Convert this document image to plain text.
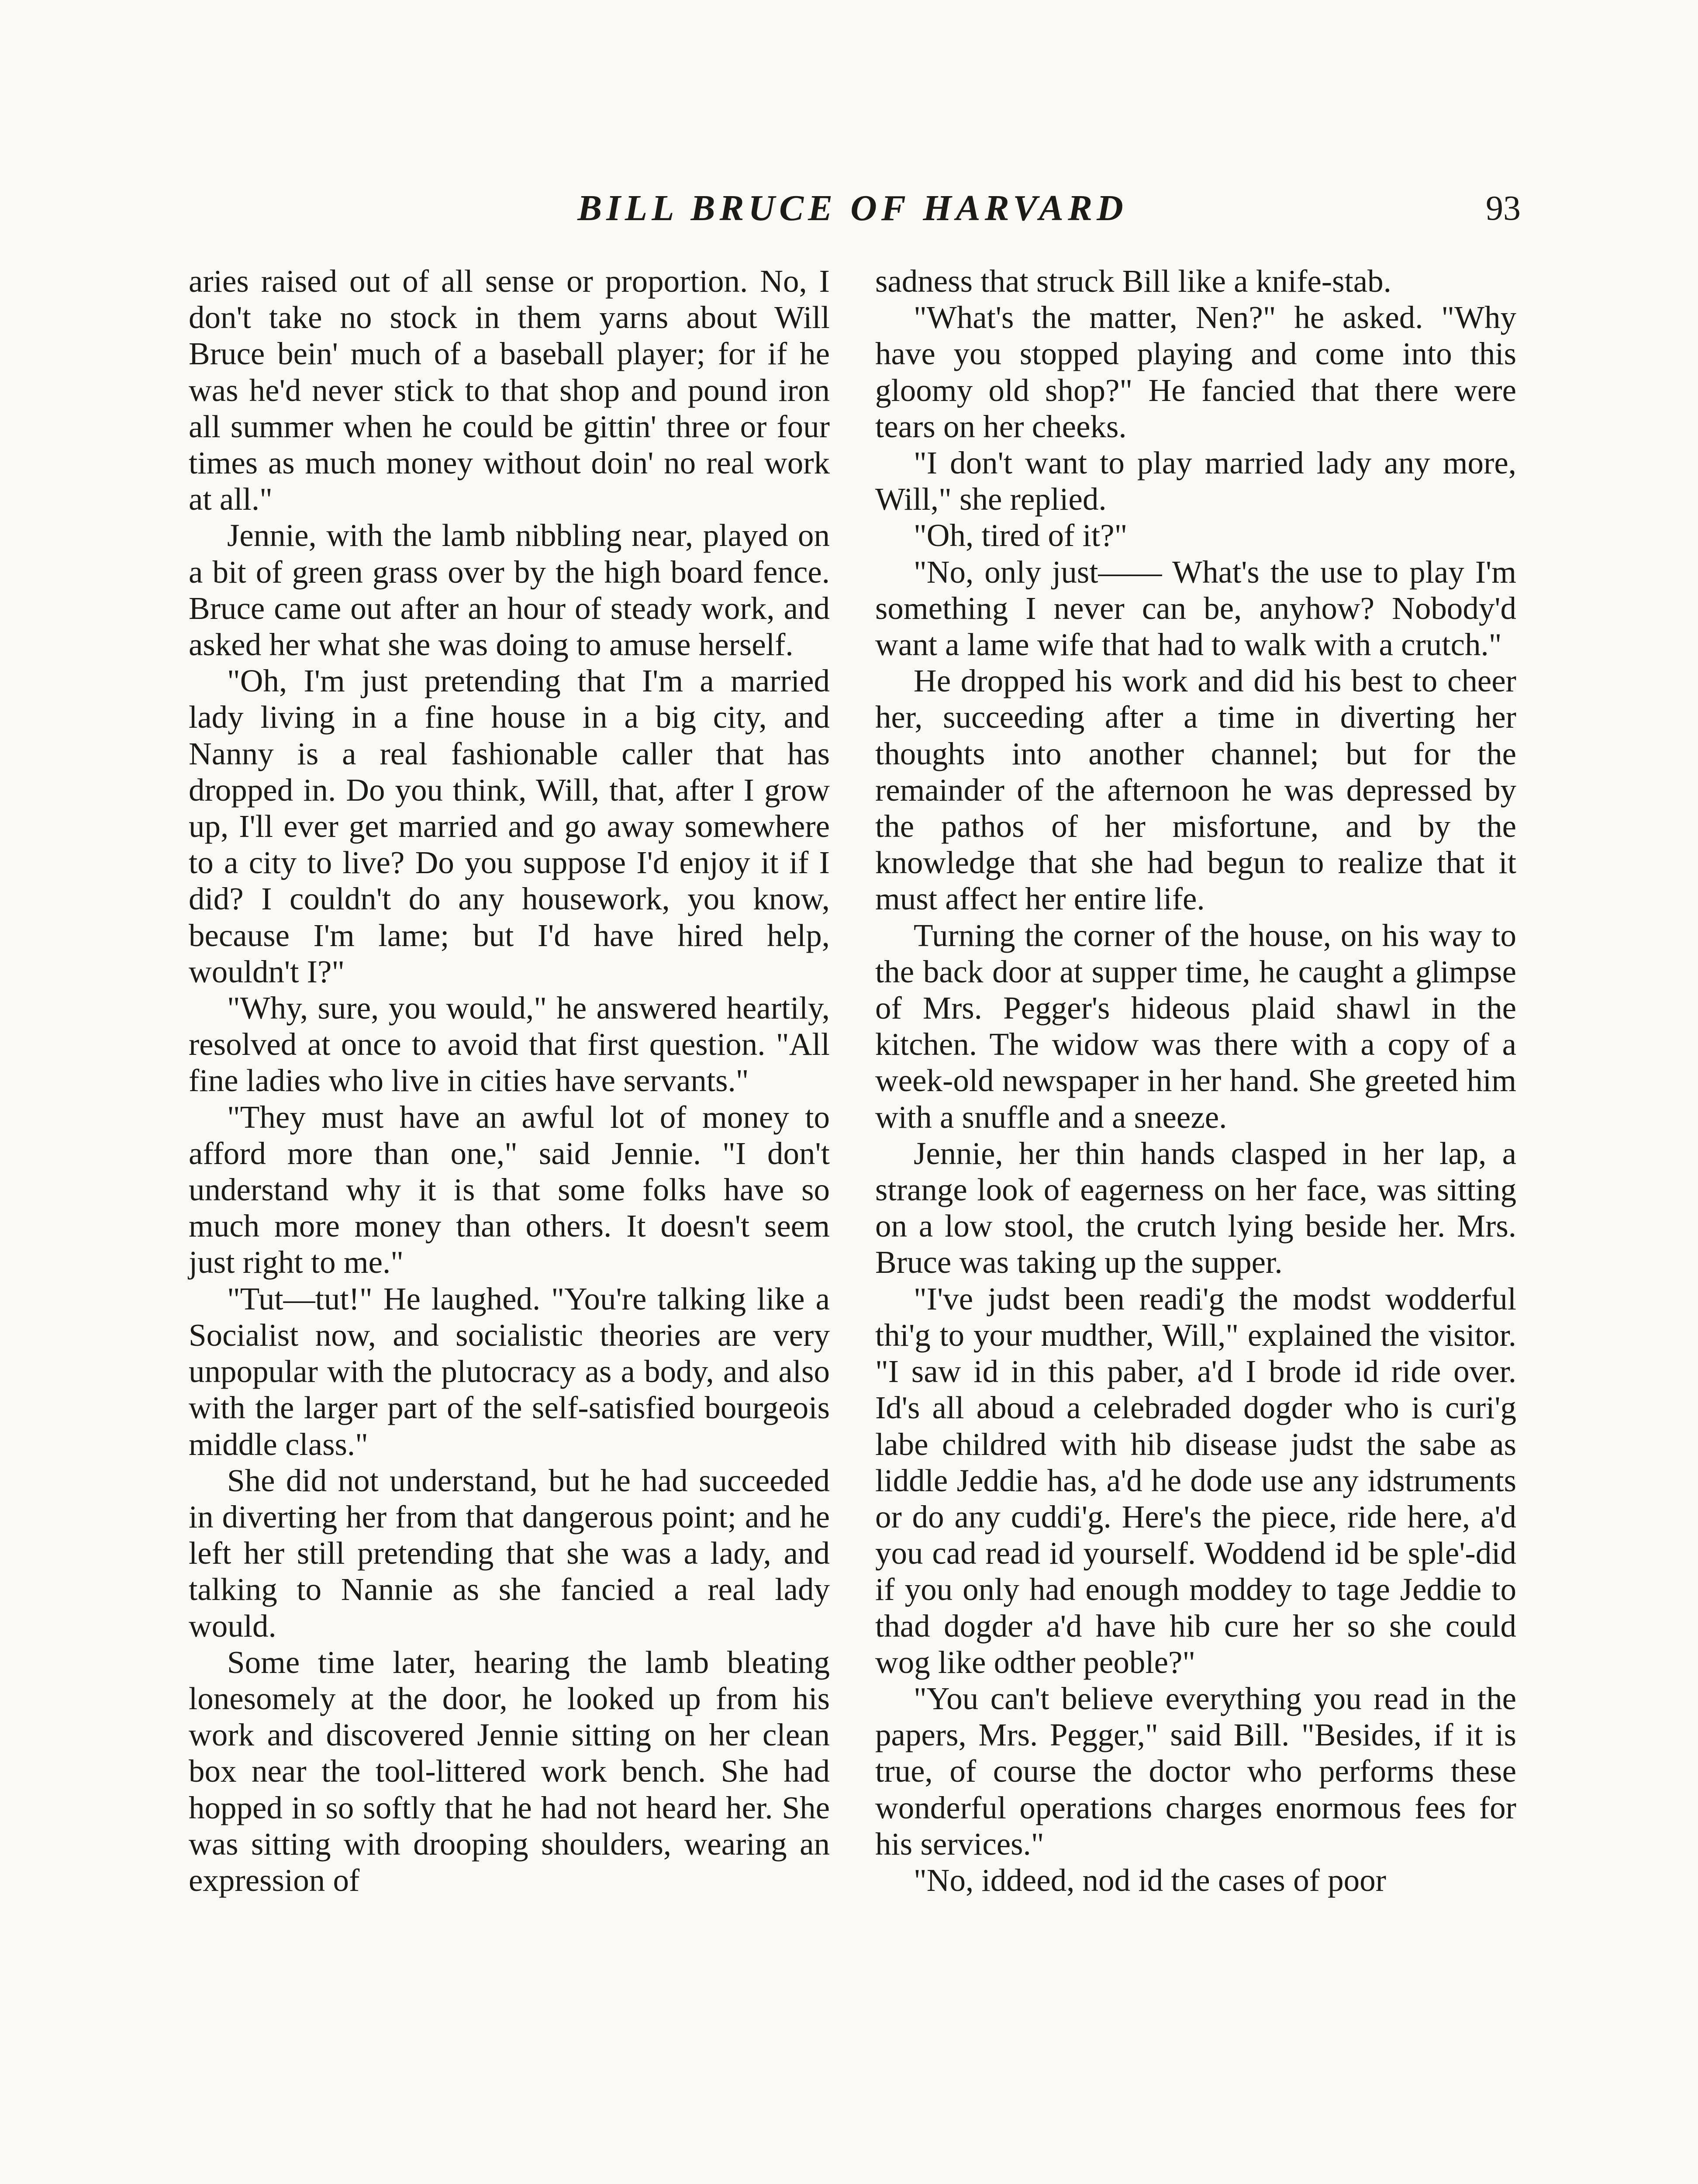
BILL BRUCE OF HARVARD	93

aries raised out of all sense or proportion. No, I don't take no stock in them yarns about Will Bruce bein' much of a baseball player; for if he was he'd never stick to that shop and pound iron all summer when he could be gittin' three or four times as much money without doin' no real work at all."

Jennie, with the lamb nibbling near, played on a bit of green grass over by the high board fence. Bruce came out after an hour of steady work, and asked her what she was doing to amuse herself.

"Oh, I'm just pretending that I'm a married lady living in a fine house in a big city, and Nanny is a real fashionable caller that has dropped in. Do you think, Will, that, after I grow up, I'll ever get married and go away somewhere to a city to live? Do you suppose I'd enjoy it if I did? I couldn't do any housework, you know, because I'm lame; but I'd have hired help, wouldn't I?"

"Why, sure, you would," he answered heartily, resolved at once to avoid that first question. "All fine ladies who live in cities have servants."

"They must have an awful lot of money to afford more than one," said Jennie. "I don't understand why it is that some folks have so much more money than others. It doesn't seem just right to me."

"Tut—tut!" He laughed. "You're talking like a Socialist now, and socialistic theories are very unpopular with the plutocracy as a body, and also with the larger part of the self-satisfied bourgeois middle class."

She did not understand, but he had succeeded in diverting her from that dangerous point; and he left her still pretending that she was a lady, and talking to Nannie as she fancied a real lady would.

Some time later, hearing the lamb bleating lonesomely at the door, he looked up from his work and discovered Jennie sitting on her clean box near the tool-littered work bench. She had hopped in so softly that he had not heard her. She was sitting with drooping shoulders, wearing an expression of

sadness that struck Bill like a knife-stab.

"What's the matter, Nen?" he asked. "Why have you stopped playing and come into this gloomy old shop?" He fancied that there were tears on her cheeks.

"I don't want to play married lady any more, Will," she replied.

"Oh, tired of it?"

"No, only just—— What's the use to play I'm something I never can be, anyhow? Nobody'd want a lame wife that had to walk with a crutch."

He dropped his work and did his best to cheer her, succeeding after a time in diverting her thoughts into another channel; but for the remainder of the afternoon he was depressed by the pathos of her misfortune, and by the knowledge that she had begun to realize that it must affect her entire life.

Turning the corner of the house, on his way to the back door at supper time, he caught a glimpse of Mrs. Pegger's hideous plaid shawl in the kitchen. The widow was there with a copy of a week-old newspaper in her hand. She greeted him with a snuffle and a sneeze.

Jennie, her thin hands clasped in her lap, a strange look of eagerness on her face, was sitting on a low stool, the crutch lying beside her. Mrs. Bruce was taking up the supper.

"I've judst been readi'g the modst wodderful thi'g to your mudther, Will," explained the visitor. "I saw id in this paber, a'd I brode id ride over. Id's all aboud a celebraded dogder who is curi'g labe childred with hib disease judst the sabe as liddle Jeddie has, a'd he dode use any idstruments or do any cuddi'g. Here's the piece, ride here, a'd you cad read id yourself. Woddend id be sple'-did if you only had enough moddey to tage Jeddie to thad dogder a'd have hib cure her so she could wog like odther peoble?"

"You can't believe everything you read in the papers, Mrs. Pegger," said Bill. "Besides, if it is true, of course the doctor who performs these wonderful operations charges enormous fees for his services."

"No, iddeed, nod id the cases of poor
